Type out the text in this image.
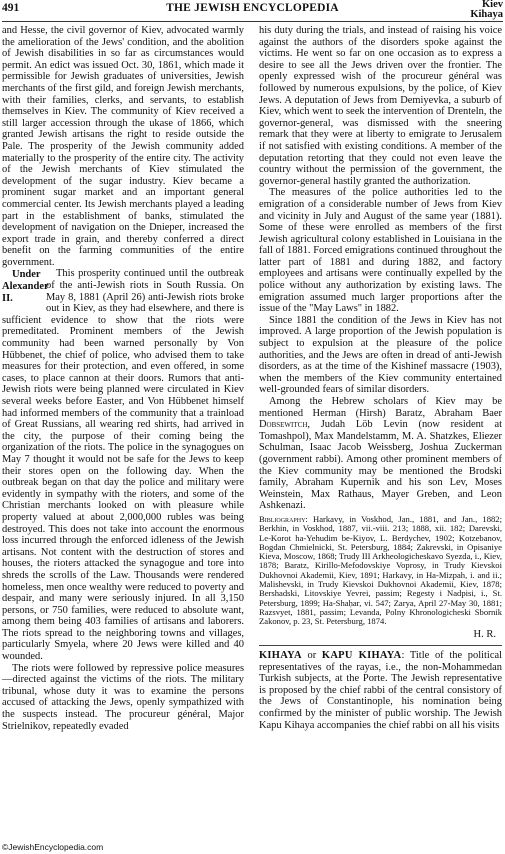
491	THE JEWISH ENCYCLOPEDIA	Kiev
Kihaya

and Hesse, the civil governor of Kiev, advocated warmly the amelioration of the Jews' condition, and the abolition of Jewish disabilities in so far as circumstances would permit. An edict was issued Oct. 30, 1861, which made it permissible for Jewish graduates of universities, Jewish merchants of the first gild, and foreign Jewish merchants, with their families, clerks, and servants, to establish themselves in Kiev. The community of Kiev received a still larger accession through the ukase of 1866, which granted Jewish artisans the right to reside outside the Pale. The prosperity of the Jewish community added materially to the prosperity of the entire city. The activity of the Jewish merchants of Kiev stimulated the development of the sugar industry. Kiev became a prominent sugar market and an important general commercial center. Its Jewish merchants played a leading part in the establishment of banks, stimulated the development of navigation on the Dnieper, increased the export trade in grain, and thereby conferred a direct benefit on the farming communities of the entire government.

Under Alexander II.
This prosperity continued until the outbreak of the anti-Jewish riots in South Russia. On May 8, 1881 (April 26) anti-Jewish riots broke out in Kiev, as they had elsewhere, and there is sufficient evidence to show that the riots were premeditated. Prominent members of the Jewish community had been warned personally by Von Hübbenet, the chief of police, who advised them to take measures for their protection, and even offered, in some cases, to place cannon at their doors. Rumors that anti-Jewish riots were being planned were circulated in Kiev several weeks before Easter, and Von Hübbenet himself had informed members of the community that a trainload of Great Russians, all wearing red shirts, had arrived in the city, the purpose of their coming being the organization of the riots. The police in the synagogues on May 7 thought it would not be safe for the Jews to keep their stores open on the following day. When the outbreak began on that day the police and military were evidently in sympathy with the rioters, and some of the Christian merchants looked on with pleasure while property valued at about 2,000,000 rubles was being destroyed. This does not take into account the enormous loss incurred through the enforced idleness of the Jewish artisans. Not content with the destruction of stores and houses, the rioters attacked the synagogue and tore into shreds the scrolls of the Law. Thousands were rendered homeless, men once wealthy were reduced to poverty and despair, and many were seriously injured. In all 3,150 persons, or 750 families, were reduced to absolute want, among them being 403 families of artisans and laborers. The riots spread to the neighboring towns and villages, particularly Smyela, where 20 Jews were killed and 40 wounded.

The riots were followed by repressive police measures—directed against the victims of the riots. The military tribunal, whose duty it was to examine the persons accused of attacking the Jews, openly sympathized with the suspects instead. The procureur général, Major Strielnikov, repeatedly evaded

his duty during the trials, and instead of raising his voice against the authors of the disorders spoke against the victims. He went so far on one occasion as to express a desire to see all the Jews driven over the frontier. The openly expressed wish of the procureur général was followed by numerous expulsions, by the police, of Kiev Jews. A deputation of Jews from Demiyevka, a suburb of Kiev, which went to seek the intervention of Drenteln, the governor-general, was dismissed with the sneering remark that they were at liberty to emigrate to Jerusalem if not satisfied with existing conditions. A member of the deputation retorting that they could not even leave the country without the permission of the government, the governor-general hastily granted the authorization.

The measures of the police authorities led to the emigration of a considerable number of Jews from Kiev and vicinity in July and August of the same year (1881). Some of these were enrolled as members of the first Jewish agricultural colony established in Louisiana in the fall of 1881. Forced emigrations continued throughout the latter part of 1881 and during 1882, and factory employees and artisans were continually expelled by the police without any authorization by existing laws. The emigration assumed much larger proportions after the issue of the "May Laws" in 1882.

Since 1881 the condition of the Jews in Kiev has not improved. A large proportion of the Jewish population is subject to expulsion at the pleasure of the police authorities, and the Jews are often in dread of anti-Jewish disorders, as at the time of the Kishinef massacre (1903), when the members of the Kiev community entertained well-grounded fears of similar disorders.

Among the Hebrew scholars of Kiev may be mentioned Herman (Hirsh) Baratz, Abraham Baer Dobsewitch, Judah Löb Levin (now resident at Tomashpol), Max Mandelstamm, M. A. Shatzkes, Eliezer Schulman, Isaac Jacob Weissberg, Joshua Zuckerman (government rabbi). Among other prominent members of the Kiev community may be mentioned the Brodski family, Abraham Kupernik and his son Lev, Moses Weinstein, Max Rathaus, Mayer Greben, and Leon Ashkenazi.

Bibliography: Harkavy, in Voskhod, Jan., 1881, and Jan., 1882; Berkhin, in Voskhod, 1887, vii.-viii. 213; 1888, xii. 182; Darevski, Le-Korot ha-Yehudim be-Kiyov, L. Berdychev, 1902; Kotzebanov, Bogdan Chmielnicki, St. Petersburg, 1884; Zakrevski, in Opisaniye Kieva, Moscow, 1868; Trudy III Arkheologicheskavo Syezda, i., Kiev, 1878; Baratz, Kirillo-Mefodovskiye Voprosy, in Trudy Kievskoi Dukhovnoi Akademii, Kiev, 1891; Harkavy, in Ha-Mizpah, i. and ii.; Malishevski, in Trudy Kievskoi Dukhovnoi Akademii, Kiev, 1878; Bershadski, Litovskiye Yevrei, passim; Regesty i Nadpisi, i., St. Petersburg, 1899; Ha-Shaḥar, vi. 547; Zarya, April 27-May 30, 1881; Razsvyet, 1881, passim; Levanda, Polny Khronologicheski Sbornik Zakonov, p. 23, St. Petersburg, 1874.

H. R.

KIHAYA or KAPU KIHAYA: Title of the political representatives of the rayas, i.e., the non-Mohammedan Turkish subjects, at the Porte. The Jewish representative is proposed by the chief rabbi of the central consistory of the Jews of Constantinople, his nomination being confirmed by the minister of public worship. The Jewish Kapu Kihaya accompanies the chief rabbi on all his visits

©JewishEncyclopedia.com
